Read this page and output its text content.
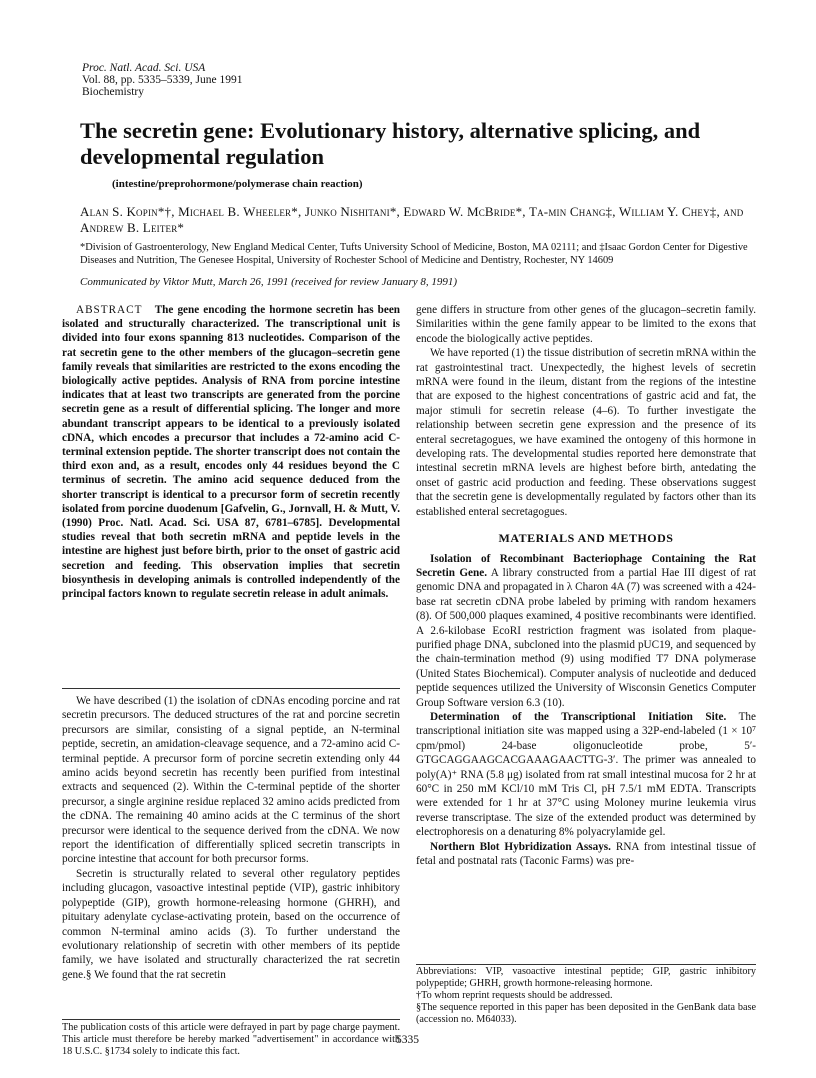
Proc. Natl. Acad. Sci. USA
Vol. 88, pp. 5335–5339, June 1991
Biochemistry
The secretin gene: Evolutionary history, alternative splicing, and developmental regulation
(intestine/preprohormone/polymerase chain reaction)
Alan S. Kopin*†, Michael B. Wheeler*, Junko Nishitani*, Edward W. McBride*, Ta-min Chang‡, William Y. Chey‡, and Andrew B. Leiter*
*Division of Gastroenterology, New England Medical Center, Tufts University School of Medicine, Boston, MA 02111; and ‡Isaac Gordon Center for Digestive Diseases and Nutrition, The Genesee Hospital, University of Rochester School of Medicine and Dentistry, Rochester, NY 14609
Communicated by Viktor Mutt, March 26, 1991 (received for review January 8, 1991)
ABSTRACT The gene encoding the hormone secretin has been isolated and structurally characterized. The transcriptional unit is divided into four exons spanning 813 nucleotides. Comparison of the rat secretin gene to the other members of the glucagon–secretin gene family reveals that similarities are restricted to the exons encoding the biologically active peptides. Analysis of RNA from porcine intestine indicates that at least two transcripts are generated from the porcine secretin gene as a result of differential splicing. The longer and more abundant transcript appears to be identical to a previously isolated cDNA, which encodes a precursor that includes a 72-amino acid C-terminal extension peptide. The shorter transcript does not contain the third exon and, as a result, encodes only 44 residues beyond the C terminus of secretin. The amino acid sequence deduced from the shorter transcript is identical to a precursor form of secretin recently isolated from porcine duodenum [Gafvelin, G., Jornvall, H. & Mutt, V. (1990) Proc. Natl. Acad. Sci. USA 87, 6781–6785]. Developmental studies reveal that both secretin mRNA and peptide levels in the intestine are highest just before birth, prior to the onset of gastric acid secretion and feeding. This observation implies that secretin biosynthesis in developing animals is controlled independently of the principal factors known to regulate secretin release in adult animals.

We have described (1) the isolation of cDNAs encoding porcine and rat secretin precursors. The deduced structures of the rat and porcine secretin precursors are similar, consisting of a signal peptide, an N-terminal peptide, secretin, an amidation-cleavage sequence, and a 72-amino acid C-terminal peptide. A precursor form of porcine secretin extending only 44 amino acids beyond secretin has recently been purified from intestinal extracts and sequenced (2). Within the C-terminal peptide of the shorter precursor, a single arginine residue replaced 32 amino acids predicted from the cDNA. The remaining 40 amino acids at the C terminus of the short precursor were identical to the sequence derived from the cDNA. We now report the identification of differentially spliced secretin transcripts in porcine intestine that account for both precursor forms.

Secretin is structurally related to several other regulatory peptides including glucagon, vasoactive intestinal peptide (VIP), gastric inhibitory polypeptide (GIP), growth hormone-releasing hormone (GHRH), and pituitary adenylate cyclase-activating protein, based on the occurrence of common N-terminal amino acids (3). To further understand the evolutionary relationship of secretin with other members of its peptide family, we have isolated and structurally characterized the rat secretin gene.§ We found that the rat secretin

The publication costs of this article were defrayed in part by page charge payment. This article must therefore be hereby marked "advertisement" in accordance with 18 U.S.C. §1734 solely to indicate this fact.

gene differs in structure from other genes of the glucagon–secretin family. Similarities within the gene family appear to be limited to the exons that encode the biologically active peptides.

We have reported (1) the tissue distribution of secretin mRNA within the rat gastrointestinal tract. Unexpectedly, the highest levels of secretin mRNA were found in the ileum, distant from the regions of the intestine that are exposed to the highest concentrations of gastric acid and fat, the major stimuli for secretin release (4–6). To further investigate the relationship between secretin gene expression and the presence of its enteral secretagogues, we have examined the ontogeny of this hormone in developing rats. The developmental studies reported here demonstrate that intestinal secretin mRNA levels are highest before birth, antedating the onset of gastric acid production and feeding. These observations suggest that the secretin gene is developmentally regulated by factors other than its established enteral secretagogues.

MATERIALS AND METHODS

Isolation of Recombinant Bacteriophage Containing the Rat Secretin Gene. A library constructed from a partial Hae III digest of rat genomic DNA and propagated in λ Charon 4A (7) was screened with a 424-base rat secretin cDNA probe labeled by priming with random hexamers (8). Of 500,000 plaques examined, 4 positive recombinants were identified. A 2.6-kilobase EcoRI restriction fragment was isolated from plaque-purified phage DNA, subcloned into the plasmid pUC19, and sequenced by the chain-termination method (9) using modified T7 DNA polymerase (United States Biochemical). Computer analysis of nucleotide and deduced peptide sequences utilized the University of Wisconsin Genetics Computer Group Software version 6.3 (10).

Determination of the Transcriptional Initiation Site. The transcriptional initiation site was mapped using a 32P-end-labeled (1 × 10⁷ cpm/pmol) 24-base oligonucleotide probe, 5′-GTGCAGGAAGCACGAAAGAACTTG-3′. The primer was annealed to poly(A)⁺ RNA (5.8 μg) isolated from rat small intestinal mucosa for 2 hr at 60°C in 250 mM KCl/10 mM Tris Cl, pH 7.5/1 mM EDTA. Transcripts were extended for 1 hr at 37°C using Moloney murine leukemia virus reverse transcriptase. The size of the extended product was determined by electrophoresis on a denaturing 8% polyacrylamide gel.

Northern Blot Hybridization Assays. RNA from intestinal tissue of fetal and postnatal rats (Taconic Farms) was pre-

Abbreviations: VIP, vasoactive intestinal peptide; GIP, gastric inhibitory polypeptide; GHRH, growth hormone-releasing hormone.
†To whom reprint requests should be addressed.
§The sequence reported in this paper has been deposited in the GenBank data base (accession no. M64033).
5335
